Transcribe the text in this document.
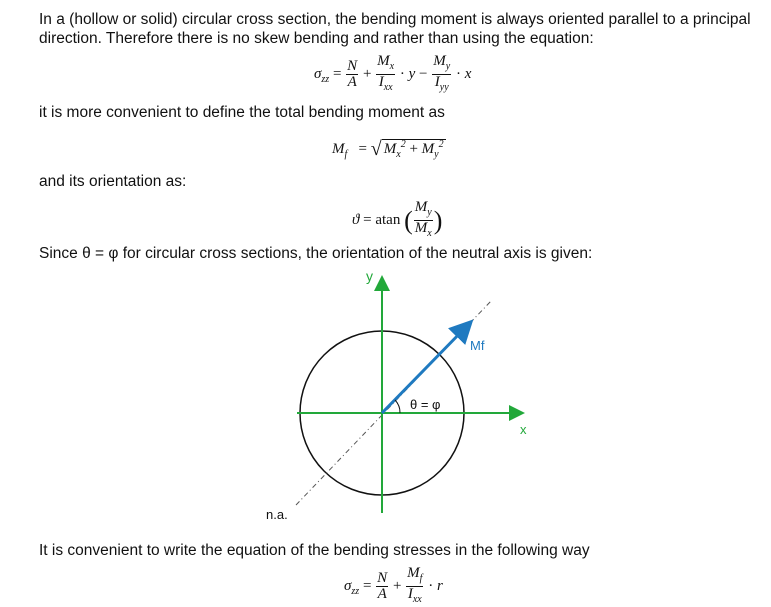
In a (hollow or solid) circular cross section, the bending moment is always oriented parallel to a principal
direction. Therefore there is no skew bending and rather than using the equation:
$\sigma_{zz} = \frac{N}{A} + \frac{M_x}{I_{xx}} \cdot y - \frac{M_y}{I_{yy}} \cdot x$
it is more convenient to define the total bending moment as
$M_f$   = √ $M_x^2 + M_y^2$
and its orientation as:
ϑ = atan ( $\frac{M_y}{M_x}$ )
Since θ = φ for circular cross sections, the orientation of the neutral axis is given:
y
x
Mf
θ = φ
n.a.
It is convenient to write the equation of the bending stresses in the following way
$\sigma_{zz} = \frac{N}{A} + \frac{M_f}{I_{xx}} \cdot r$
